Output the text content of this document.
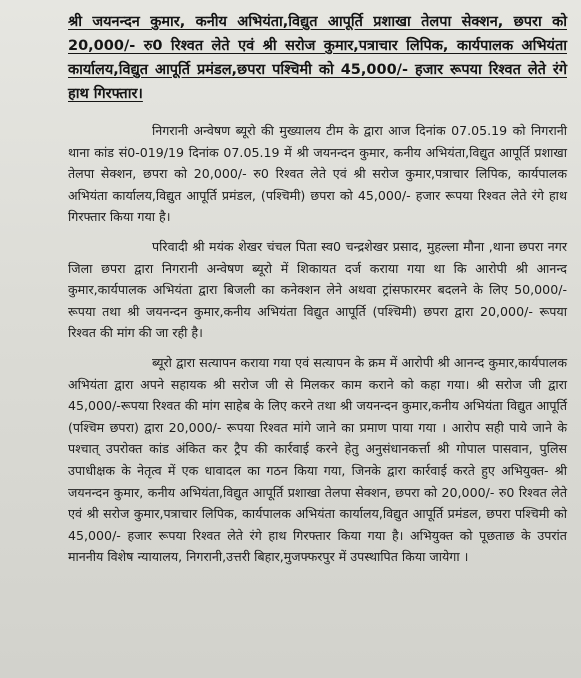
श्री जयनन्दन कुमार, कनीय अभियंता,विद्युत आपूर्ति प्रशाखा तेलपा सेक्शन, छपरा को 20,000/- रु0 रिश्वत लेते एवं श्री सरोज कुमार,पत्राचार लिपिक, कार्यपालक अभियंता कार्यालय,विद्युत आपूर्ति प्रमंडल,छपरा पश्चिमी को 45,000/- हजार रूपया रिश्वत लेते रंगे हाथ गिरफ्तार।

निगरानी अन्वेषण ब्यूरो की मुख्यालय टीम के द्वारा आज दिनांक 07.05.19 को निगरानी थाना कांड सं0-019/19 दिनांक 07.05.19 में श्री जयनन्दन कुमार, कनीय अभियंता,विद्युत आपूर्ति प्रशाखा तेलपा सेक्शन, छपरा को 20,000/- रु0 रिश्वत लेते एवं श्री सरोज कुमार,पत्राचार लिपिक, कार्यपालक अभियंता कार्यालय,विद्युत आपूर्ति प्रमंडल, (पश्चिमी) छपरा को 45,000/- हजार रूपया रिश्वत लेते रंगे हाथ गिरफ्तार किया गया है।

परिवादी श्री मयंक शेखर चंचल पिता स्व0 चन्द्रशेखर प्रसाद, मुहल्ला मौना ,थाना छपरा नगर जिला छपरा द्वारा निगरानी अन्वेषण ब्यूरो में शिकायत दर्ज कराया गया था कि आरोपी श्री आनन्द कुमार,कार्यपालक अभियंता द्वारा बिजली का कनेक्शन लेने अथवा ट्रांसफारमर बदलने के लिए 50,000/-रूपया तथा श्री जयनन्दन कुमार,कनीय अभियंता विद्युत आपूर्ति (पश्चिमी) छपरा द्वारा 20,000/- रूपया रिश्वत की मांग की जा रही है।

ब्यूरो द्वारा सत्यापन कराया गया एवं सत्यापन के क्रम में आरोपी श्री आनन्द कुमार,कार्यपालक अभियंता द्वारा अपने सहायक श्री सरोज जी से मिलकर काम कराने को कहा गया। श्री सरोज जी द्वारा 45,000/-रूपया रिश्वत की मांग साहेब के लिए करने तथा श्री जयनन्दन कुमार,कनीय अभियंता विद्युत आपूर्ति (पश्चिम छपरा) द्वारा 20,000/- रूपया रिश्वत मांगे जाने का प्रमाण पाया गया । आरोप सही पाये जाने के पश्चात् उपरोक्त कांड अंकित कर ट्रैप की कार्रवाई करने हेतु अनुसंधानकर्त्ता श्री गोपाल पासवान, पुलिस उपाधीक्षक के नेतृत्व में एक धावादल का गठन किया गया, जिनके द्वारा कार्रवाई करते हुए अभियुक्त- श्री जयनन्दन कुमार, कनीय अभियंता,विद्युत आपूर्ति प्रशाखा तेलपा सेक्शन, छपरा को 20,000/- रु0 रिश्वत लेते एवं श्री सरोज कुमार,पत्राचार लिपिक, कार्यपालक अभियंता कार्यालय,विद्युत आपूर्ति प्रमंडल, छपरा पश्चिमी को 45,000/- हजार रूपया रिश्वत लेते रंगे हाथ गिरफ्तार किया गया है। अभियुक्त को पूछताछ के उपरांत माननीय विशेष न्यायालय, निगरानी,उत्तरी बिहार,मुजफ्फरपुर में उपस्थापित किया जायेगा ।
